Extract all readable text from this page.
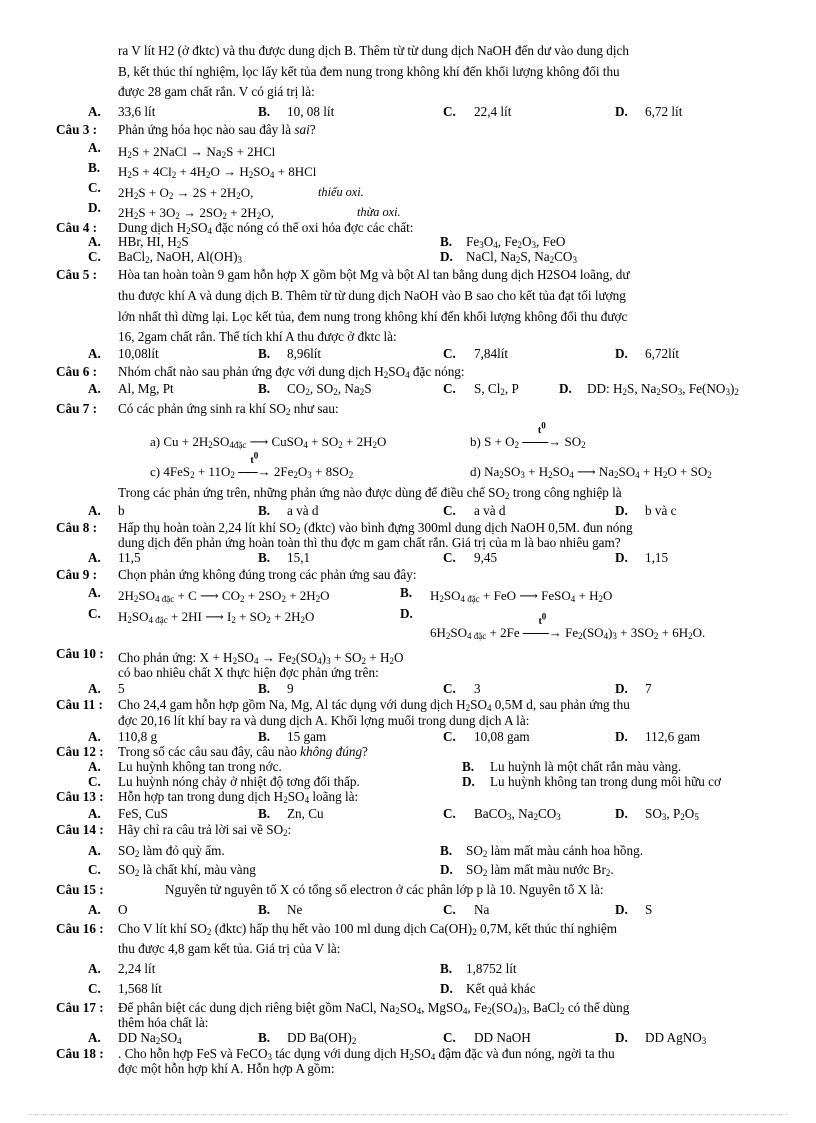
ra V lít H2 (ở đktc) và thu được dung dịch B. Thêm từ từ dung dịch NaOH đến dư vào dung dịch
B, kết thúc thí nghiệm, lọc lấy kết tủa đem nung trong không khí đến khối lượng không đổi thu
được 28 gam chất rắn. V có giá trị là:
A. 33,6 lít	B. 10, 08 lít	C. 22,4 lít	D. 6,72 lít
Câu 3 :	Phản ứng hóa học nào sau đây là sai?
A. $H_2S$ + 2NaCl → $Na_2S + 2HCl$
B. $H_2S + 4Cl_2 + 4H_2O \to H_2SO_4 + 8HCl$
C. $2H_2S + O_2 \to 2S + 2H_2O$,	thiếu oxi.
D. $2H_2S + 3O_2 \to 2SO_2 + 2H_2O$,	thừa oxi.
Câu 4 :	Dung dịch $H_2SO_4$ đặc nóng có thể oxi hóa đợc các chất:
A. HBr, HI, $H_2S$	B. $Fe_3O_4$, $Fe_2O_3$, FeO
C. BaCl$_2$, NaOH, $Al(OH)_3$	D. NaCl, $Na_2S$, $Na_2CO_3$
Câu 5 :	Hòa tan hoàn toàn 9 gam hỗn hợp X gồm bột Mg và bột Al tan bằng dung dịch H2SO4 loãng, dư
thu được khí A và dung dịch B. Thêm từ từ dung dịch NaOH vào B sao cho kết tủa đạt tối lượng
lớn nhất thì dừng lại. Lọc kết tủa, đem nung trong không khí đến khối lượng không đổi thu được
16, 2gam chất rắn. Thể tích khí A thu được ở đktc là:
A. 10,08lít	B. 8,96lít	C. 7,84lít	D. 6,72lít
Câu 6 :	Nhóm chất nào sau phản ứng đợc với dung dịch $H_2SO_4$ đặc nóng:
A. Al, Mg, Pt	B. $CO_2$, $SO_2$, $Na_2S$	C. S, $Cl_2$, P	D. DD: $H_2S$, $Na_2SO_3$, $Fe(NO_3)_2$
Câu 7 :	Có các phản ứng sinh ra khí $SO_2$ như sau:
a) $Cu + 2H_2SO_{4đặc}$ ⟶ CuSO$_4$ + $SO_2 + 2H_2O$	b) $S + O_2$
$t^0$
⎯⎯⎯⎯→ $SO_2$
c) $4FeS_2 + 11O_2$
$t^0$
⎯⎯⎯→ $2Fe_2O_3 + 8SO_2$	d) $Na_2SO_3 + H_2SO_4$ ⟶ $Na_2SO_4 + H_2O + SO_2$
Trong các phản ứng trên, những phản ứng nào được dùng để điều chế $SO_2$ trong công nghiệp là
A. b	B. a và d	C. a và d	D. b và c
Câu 8 :	Hấp thụ hoàn toàn 2,24 lít khí $SO_2$ (đktc) vào bình đựng 300ml dung dịch NaOH 0,5M. đun nóng
dung dịch đến phản ứng hoàn toàn thì thu đợc m gam chất rắn. Giá trị của m là bao nhiêu gam?
A. 11,5	B. 15,1	C. 9,45	D. 1,15
Câu 9 :	Chọn phản ứng không đúng trong các phản ứng sau đây:
A. $2H_2SO_{4 đặc} + C$ ⟶ $CO_2 + 2SO_2 + 2H_2O$	B. $H_2SO_{4 đặc}$ + FeO ⟶ FeSO$_4$ + $H_2O$
C. $H_2SO_{4 đặc} + 2HI$ ⟶ $I_2 + SO_2 + 2H_2O$	D.
$6H_2SO_{4 đặc} + 2Fe$
$t^0$
⎯⎯⎯⎯→ $Fe_2(SO_4)_3 + 3SO_2 + 6H_2O$.
Câu 10 :	Cho phản ứng: $X + H_2SO_4 \to Fe_2(SO_4)_3 + SO_2 + H_2O$
có bao nhiêu chất X thực hiện đợc phản ứng trên:
A. 5	B. 9	C. 3	D. 7
Câu 11 :	Cho 24,4 gam hỗn hợp gồm Na, Mg, Al tác dụng với dung dịch $H_2SO_4$ 0,5M d, sau phản ứng thu
đợc 20,16 lít khí bay ra và dung dịch A. Khối lợng muối trong dung dịch A là:
A. 110,8 g	B. 15 gam	C. 10,08 gam	D. 112,6 gam
Câu 12 :	Trong số các câu sau đây, câu nào không đúng?
A. Lu huỳnh không tan trong nớc.	B. Lu huỳnh là một chất rắn màu vàng.
C. Lu huỳnh nóng chảy ở nhiệt độ tơng đối thấp.	D. Lu huỳnh không tan trong dung môi hữu cơ
Câu 13 :	Hỗn hợp tan trong dung dịch $H_2SO_4$ loãng là:
A. FeS, CuS	B. Zn, Cu	C. BaCO$_3$, $Na_2CO_3$	D. $SO_3$, $P_2O_5$
Câu 14 :	Hãy chỉ ra câu trả lời sai về $SO_2$:
A. $SO_2$ làm đỏ quỳ ẩm.	B. $SO_2$ làm mất màu cánh hoa hồng.
C. $SO_2$ là chất khí, màu vàng	D. $SO_2$ làm mất màu nước $Br_2$.
Câu 15 :	Nguyên tử nguyên tố X có tổng số electron ở các phân lớp p là 10. Nguyên tố X là:
A. O	B. Ne	C. Na	D. S
Câu 16 :	Cho V lít khí $SO_2$ (đktc) hấp thụ hết vào 100 ml dung dịch $Ca(OH)_2$ 0,7M, kết thúc thí nghiệm
thu được 4,8 gam kết tủa. Giá trị của V là:
A. 2,24 lít	B. 1,8752 lít
C. 1,568 lít	D. Kết quả khác
Câu 17 :	Để phân biệt các dung dịch riêng biệt gồm NaCl, $Na_2SO_4$, MgSO$_4$, $Fe_2(SO_4)_3$, BaCl$_2$ có thể dùng
thêm hóa chất là:
A. DD $Na_2SO_4$	B. DD $Ba(OH)_2$	C. DD NaOH	D. DD AgNO$_3$
Câu 18 :	. Cho hỗn hợp FeS và FeCO$_3$ tác dụng với dung dịch $H_2SO_4$ đậm đặc và đun nóng, ngời ta thu
đợc một hỗn hợp khí A. Hỗn hợp A gồm:
